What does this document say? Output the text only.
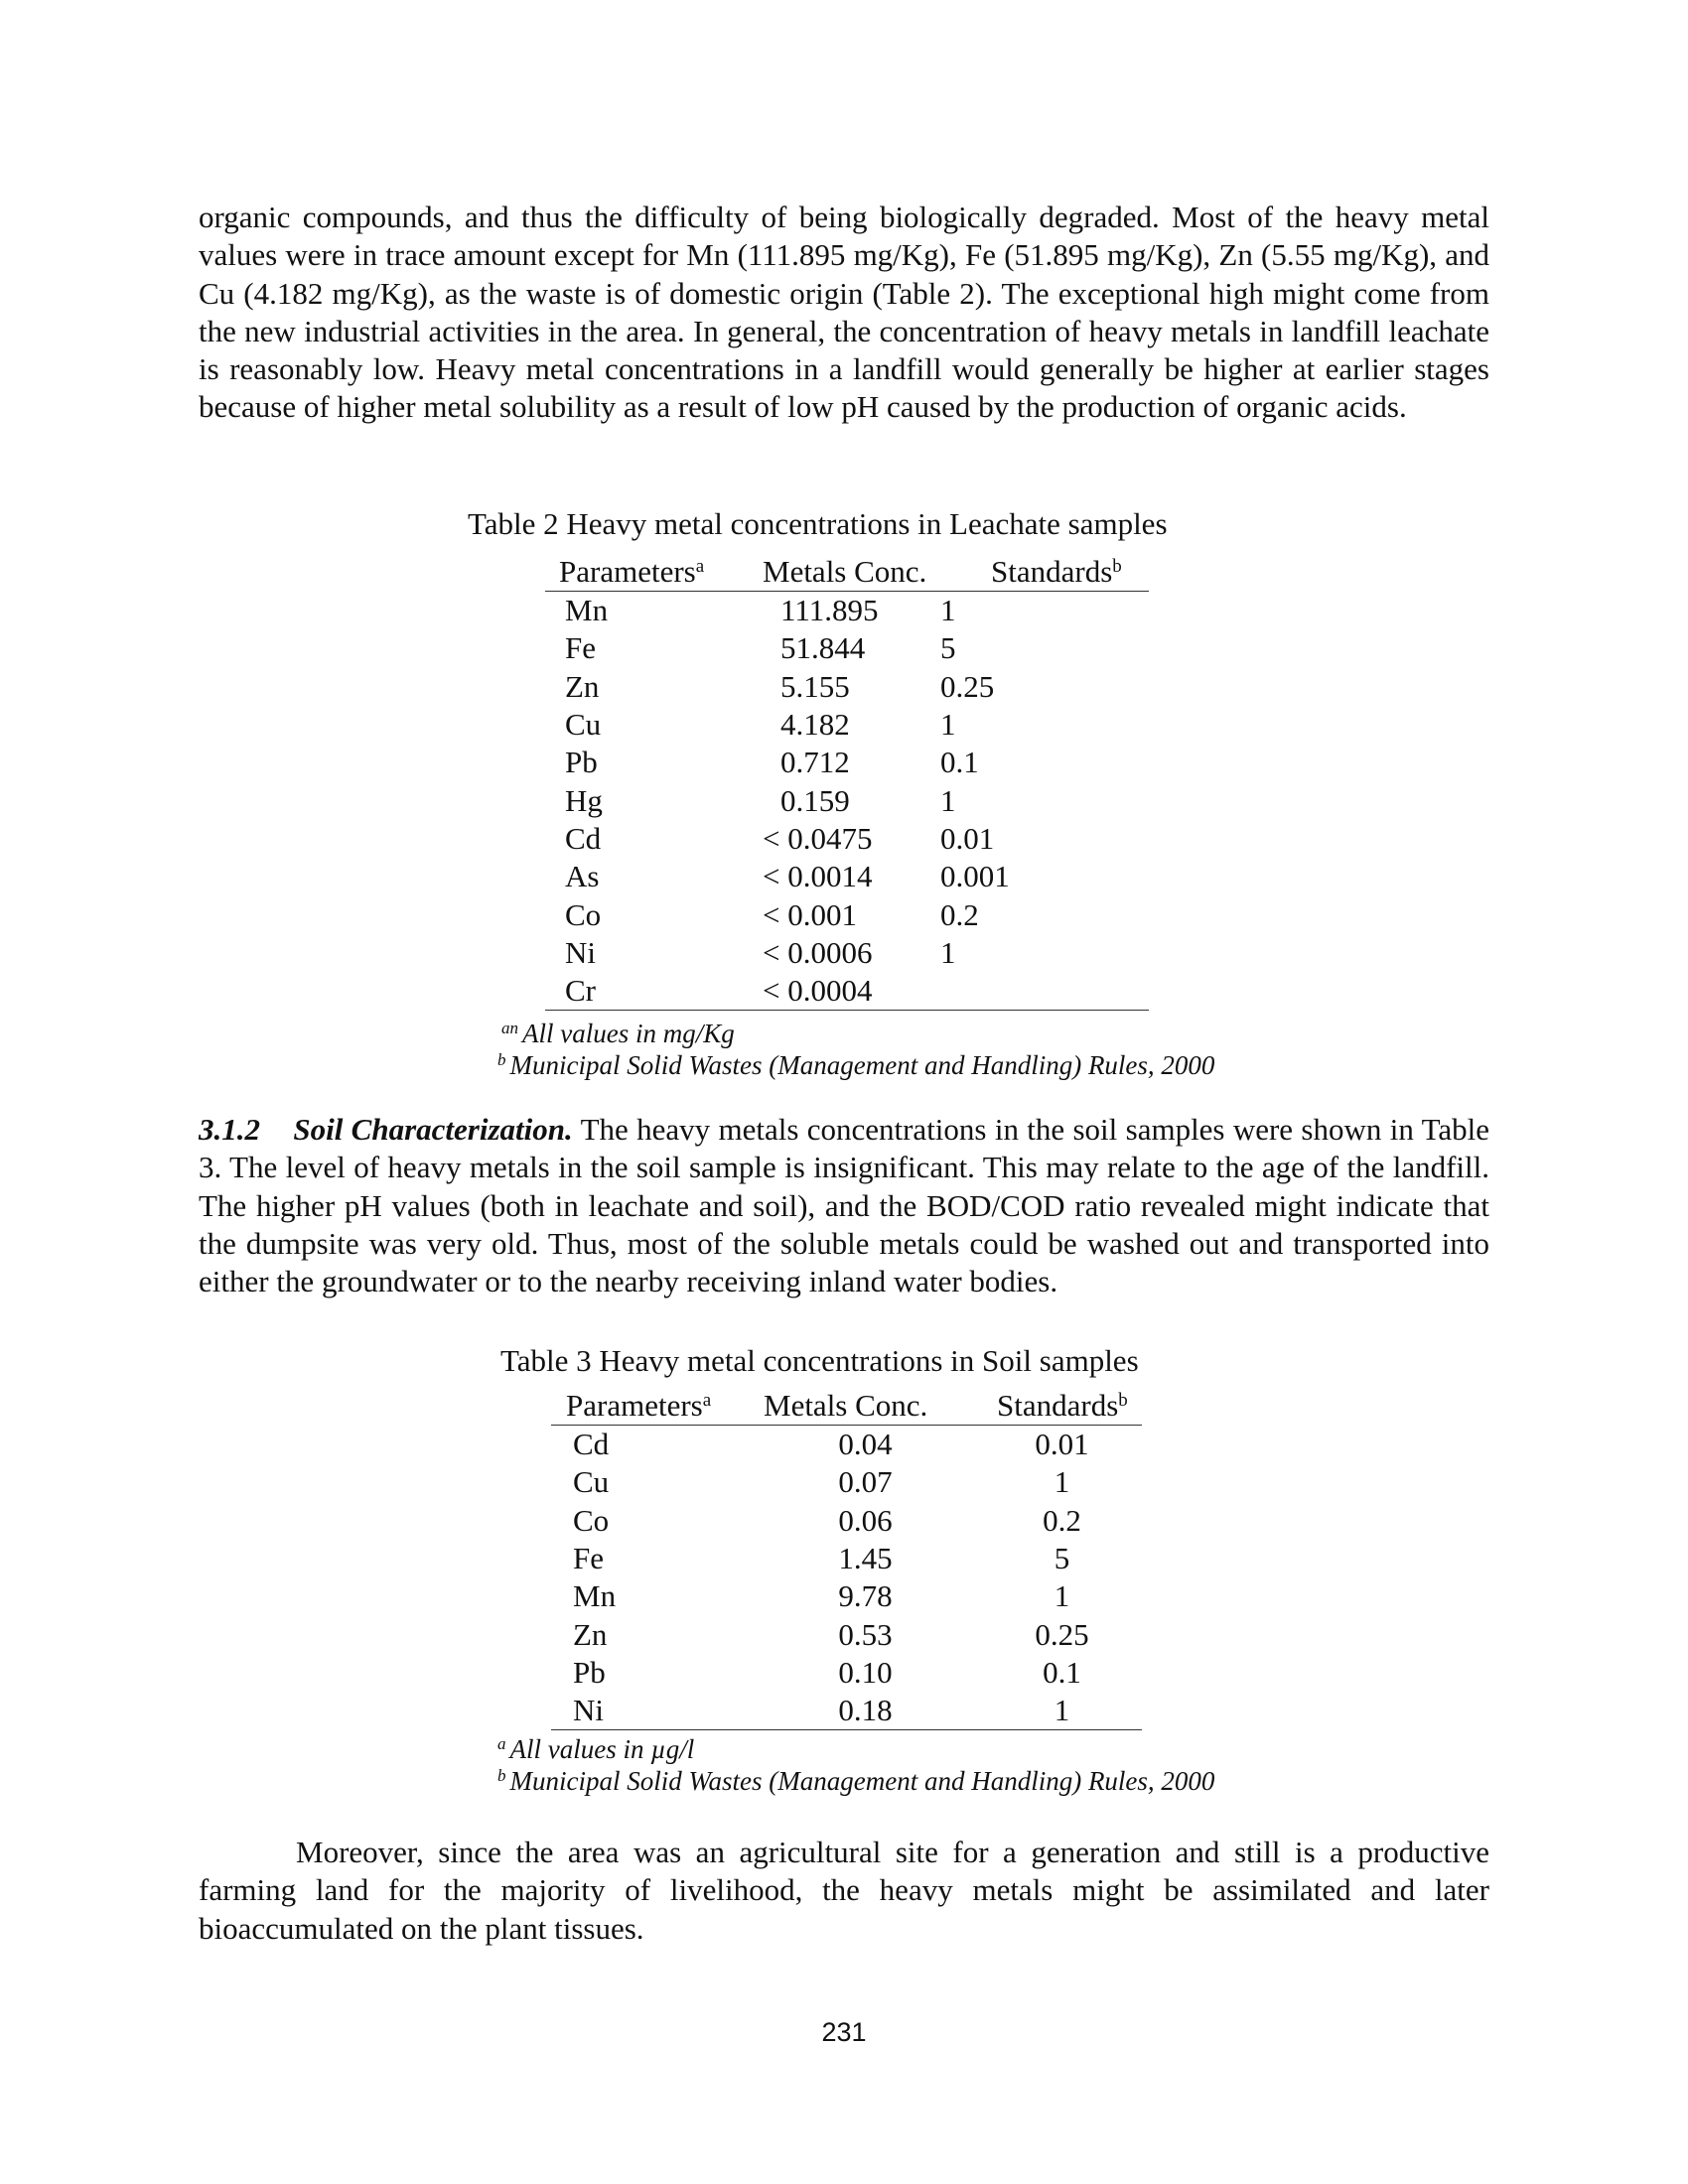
organic compounds, and thus the difficulty of being biologically degraded. Most of the heavy metal values were in trace amount except for Mn (111.895 mg/Kg), Fe (51.895 mg/Kg), Zn (5.55 mg/Kg), and Cu (4.182 mg/Kg), as the waste is of domestic origin (Table 2). The exceptional high might come from the new industrial activities in the area. In general, the concentration of heavy metals in landfill leachate is reasonably low. Heavy metal concentrations in a landfill would generally be higher at earlier stages because of higher metal solubility as a result of low pH caused by the production of organic acids.

Table 2 Heavy metal concentrations in Leachate samples
Parameters$^a$	Metals Conc.	Standards$^b$
Mn	111.895	1
Fe	51.844	5
Zn	5.155	0.25
Cu	4.182	1
Pb	0.712	0.1
Hg	0.159	1
Cd	< 0.0475	0.01
As	< 0.0014	0.001
Co	< 0.001	0.2
Ni	< 0.0006	1
Cr	< 0.0004	
$^{an}$ All values in mg/Kg
$^b$ Municipal Solid Wastes (Management and Handling) Rules, 2000

3.1.2 Soil Characterization. The heavy metals concentrations in the soil samples were shown in Table 3. The level of heavy metals in the soil sample is insignificant. This may relate to the age of the landfill. The higher pH values (both in leachate and soil), and the BOD/COD ratio revealed might indicate that the dumpsite was very old. Thus, most of the soluble metals could be washed out and transported into either the groundwater or to the nearby receiving inland water bodies.

Table 3 Heavy metal concentrations in Soil samples
Parameters$^a$	Metals Conc.	Standards$^b$
Cd	0.04	0.01
Cu	0.07	1
Co	0.06	0.2
Fe	1.45	5
Mn	9.78	1
Zn	0.53	0.25
Pb	0.10	0.1
Ni	0.18	1
$^a$ All values in µg/l
$^b$ Municipal Solid Wastes (Management and Handling) Rules, 2000

Moreover, since the area was an agricultural site for a generation and still is a productive farming land for the majority of livelihood, the heavy metals might be assimilated and later bioaccumulated on the plant tissues.

231
